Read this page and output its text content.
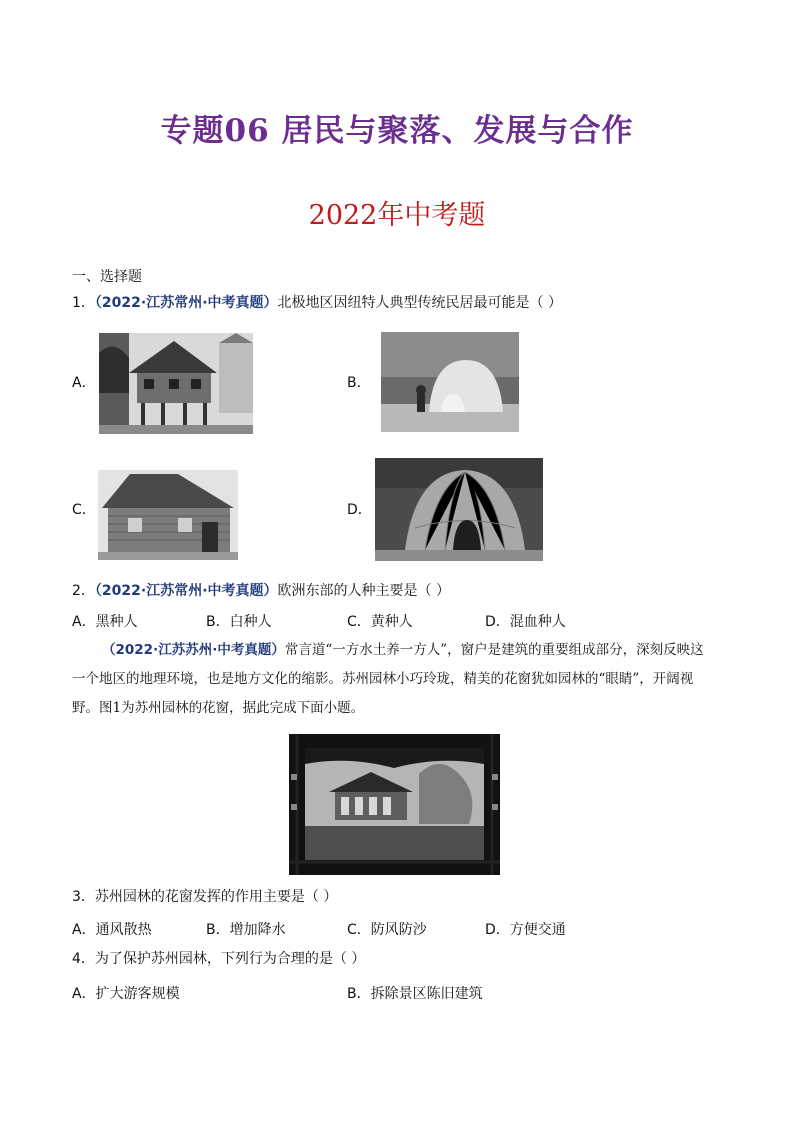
专题06 居民与聚落、发展与合作
2022年中考题
一、选择题
1．（2022·江苏常州·中考真题）北极地区因纽特人典型传统民居最可能是（ ）
A．	B．
C．	D．
2．（2022·江苏常州·中考真题）欧洲东部的人种主要是（ ）
A．黑种人	B．白种人	C．黄种人	D．混血种人
（2022·江苏苏州·中考真题）常言道“一方水土养一方人”，窗户是建筑的重要组成部分，深刻反映这
一个地区的地理环境，也是地方文化的缩影。苏州园林小巧玲珑，精美的花窗犹如园林的“眼睛”，开阔视
野。图1为苏州园林的花窗，据此完成下面小题。
3．苏州园林的花窗发挥的作用主要是（ ）
A．通风散热	B．增加降水	C．防风防沙	D．方便交通
4．为了保护苏州园林，下列行为合理的是（ ）
A．扩大游客规模	B．拆除景区陈旧建筑
